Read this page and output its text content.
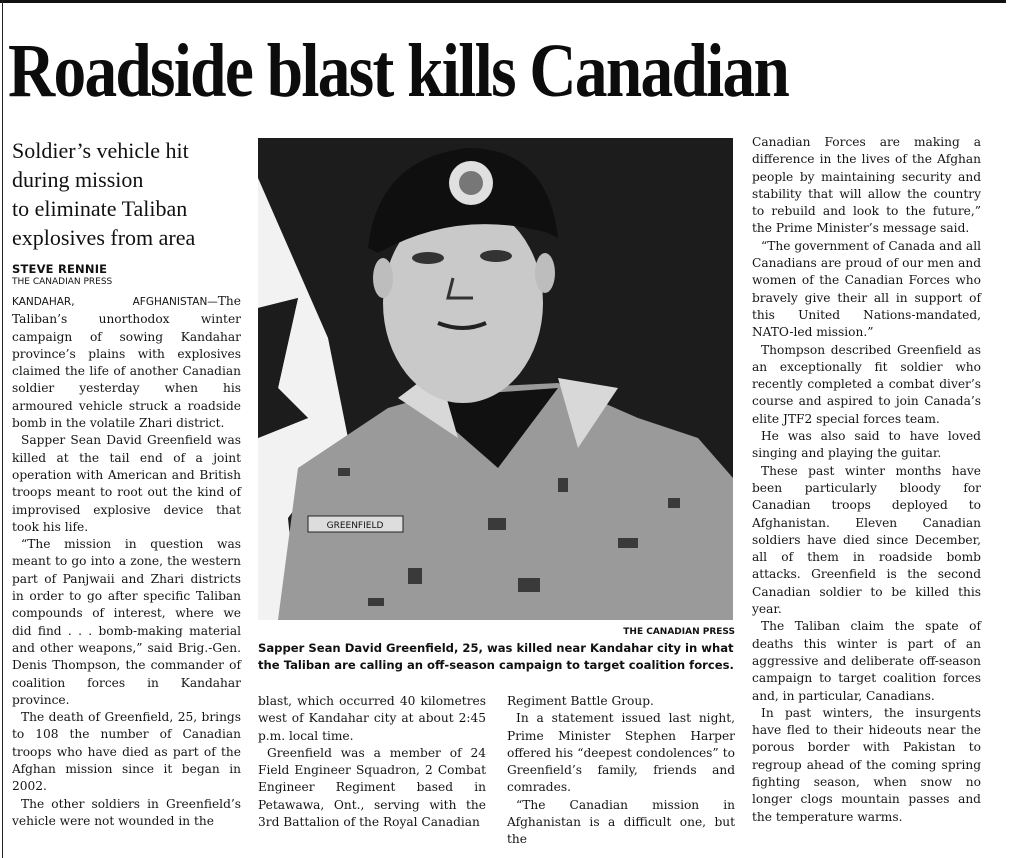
Roadside blast kills Canadian
Soldier’s vehicle hit
during mission
to eliminate Taliban
explosives from area
STEVE RENNIE
THE CANADIAN PRESS

KANDAHAR, AFGHANISTAN—The Taliban’s unorthodox winter campaign of sowing Kandahar province’s plains with explosives claimed the life of another Canadian soldier yesterday when his armoured vehicle struck a roadside bomb in the volatile Zhari district.

Sapper Sean David Greenfield was killed at the tail end of a joint operation with American and British troops meant to root out the kind of improvised explosive device that took his life.

“The mission in question was meant to go into a zone, the western part of Panjwaii and Zhari districts in order to go after specific Taliban compounds of interest, where we did find . . . bomb-making material and other weapons,” said Brig.-Gen. Denis Thompson, the commander of coalition forces in Kandahar province.

The death of Greenfield, 25, brings to 108 the number of Canadian troops who have died as part of the Afghan mission since it began in 2002.

The other soldiers in Greenfield’s vehicle were not wounded in the

GREENFIELD
THE CANADIAN PRESS
Sapper Sean David Greenfield, 25, was killed near Kandahar city in what the Taliban are calling an off-season campaign to target coalition forces.

blast, which occurred 40 kilometres west of Kandahar city at about 2:45 p.m. local time.

Greenfield was a member of 24 Field Engineer Squadron, 2 Combat Engineer Regiment based in Petawawa, Ont., serving with the 3rd Battalion of the Royal Canadian

Regiment Battle Group.

In a statement issued last night, Prime Minister Stephen Harper offered his “deepest condolences” to Greenfield’s family, friends and comrades.

“The Canadian mission in Afghanistan is a difficult one, but the

Canadian Forces are making a difference in the lives of the Afghan people by maintaining security and stability that will allow the country to rebuild and look to the future,” the Prime Minister’s message said.

“The government of Canada and all Canadians are proud of our men and women of the Canadian Forces who bravely give their all in support of this United Nations-mandated, NATO-led mission.”

Thompson described Greenfield as an exceptionally fit soldier who recently completed a combat diver’s course and aspired to join Canada’s elite JTF2 special forces team.

He was also said to have loved singing and playing the guitar.

These past winter months have been particularly bloody for Canadian troops deployed to Afghanistan. Eleven Canadian soldiers have died since December, all of them in roadside bomb attacks. Greenfield is the second Canadian soldier to be killed this year.

The Taliban claim the spate of deaths this winter is part of an aggressive and deliberate off-season campaign to target coalition forces and, in particular, Canadians.

In past winters, the insurgents have fled to their hideouts near the porous border with Pakistan to regroup ahead of the coming spring fighting season, when snow no longer clogs mountain passes and the temperature warms.
